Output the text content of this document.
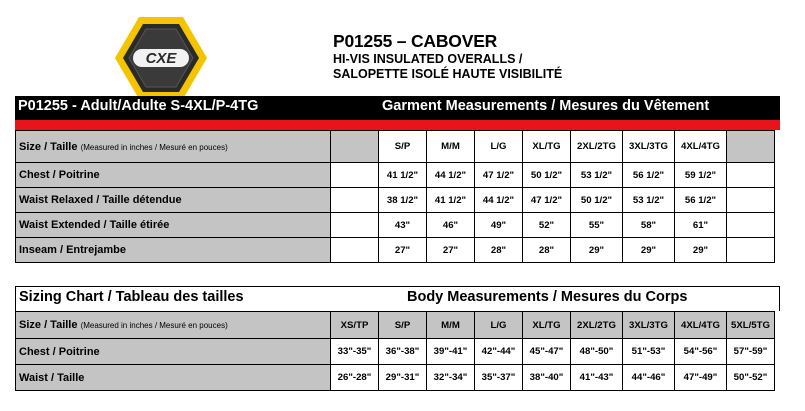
CXE
P01255 – CABOVER
HI-VIS INSULATED OVERALLS /
SALOPETTE ISOLÉ HAUTE VISIBILITÉ
P01255 - Adult/Adulte S-4XL/P-4TG	Garment Measurements / Mesures du Vêtement
Size / Taille (Measured in inches / Mesuré en pouces)		S/P	M/M	L/G	XL/TG	2XL/2TG	3XL/3TG	4XL/4TG	
Chest / Poitrine		41 1/2"	44 1/2"	47 1/2"	50 1/2"	53 1/2"	56 1/2"	59 1/2"	
Waist Relaxed / Taille détendue		38 1/2"	41 1/2"	44 1/2"	47 1/2"	50 1/2"	53 1/2"	56 1/2"	
Waist Extended / Taille étirée		43"	46"	49"	52"	55"	58"	61"	
Inseam / Entrejambe		27"	27"	28"	28"	29"	29"	29"	
Sizing Chart / Tableau des tailles	Body Measurements / Mesures du Corps
Size / Taille (Measured in inches / Mesuré en pouces)	XS/TP	S/P	M/M	L/G	XL/TG	2XL/2TG	3XL/3TG	4XL/4TG	5XL/5TG
Chest / Poitrine	33"-35"	36"-38"	39"-41"	42"-44"	45"-47"	48"-50"	51"-53"	54"-56"	57"-59"
Waist / Taille	26"-28"	29"-31"	32"-34"	35"-37"	38"-40"	41"-43"	44"-46"	47"-49"	50"-52"
